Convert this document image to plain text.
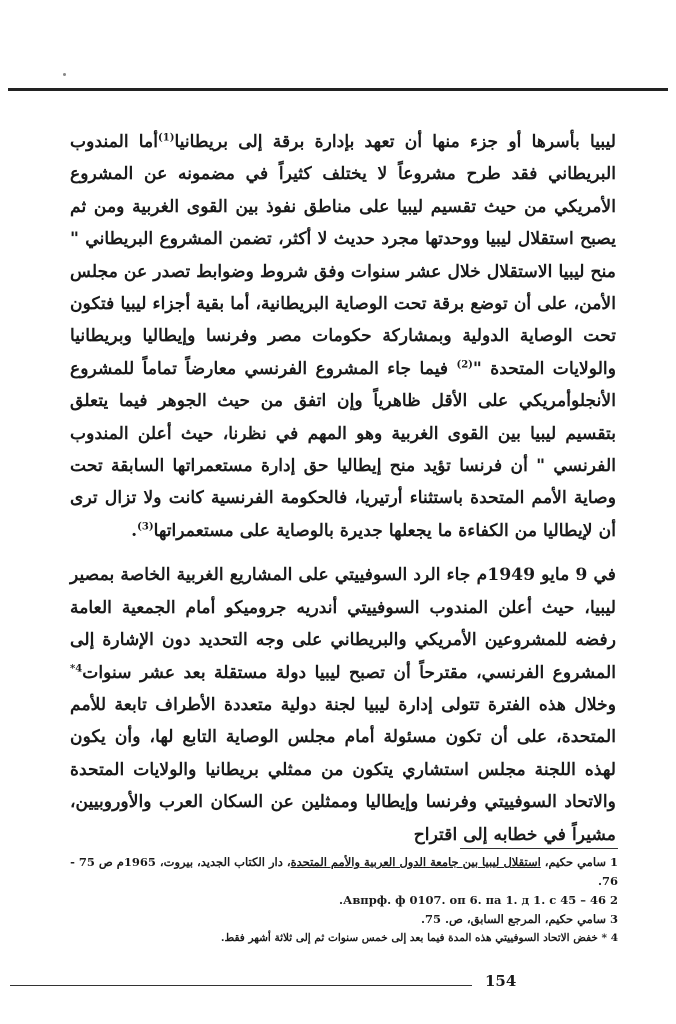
ليبيا بأسرها أو جزء منها أن تعهد بإدارة برقة إلى بريطانيا$^{(1)}$أما المندوب البريطاني فقد طرح مشروعاً لا يختلف كثيراً في مضمونه عن المشروع الأمريكي من حيث تقسيم ليبيا على مناطق نفوذ بين القوى الغربية ومن ثم يصبح استقلال ليبيا ووحدتها مجرد حديث لا أكثر، تضمن المشروع البريطاني " منح ليبيا الاستقلال خلال عشر سنوات وفق شروط وضوابط تصدر عن مجلس الأمن، على أن توضع برقة تحت الوصاية البريطانية، أما بقية أجزاء ليبيا فتكون تحت الوصاية الدولية وبمشاركة حكومات مصر وفرنسا وإيطاليا وبريطانيا والولايات المتحدة "$^{(2)}$ فيما جاء المشروع الفرنسي معارضاً تماماً للمشروع الأنجلوأمريكي على الأقل ظاهرياً وإن اتفق من حيث الجوهر فيما يتعلق بتقسيم ليبيا بين القوى الغربية وهو المهم في نظرنا، حيث أعلن المندوب الفرنسي " أن فرنسا تؤيد منح إيطاليا حق إدارة مستعمراتها السابقة تحت وصاية الأمم المتحدة باستثناء أرتيريا، فالحكومة الفرنسية كانت ولا تزال ترى أن لإيطاليا من الكفاءة ما يجعلها جديرة بالوصاية على مستعمراتها$^{(3)}$.

في 9 مايو 1949م جاء الرد السوفييتي على المشاريع الغربية الخاصة بمصير ليبيا، حيث أعلن المندوب السوفييتي أندريه جروميكو أمام الجمعية العامة رفضه للمشروعين الأمريكي والبريطاني على وجه التحديد دون الإشارة إلى المشروع الفرنسي، مقترحاً أن تصبح ليبيا دولة مستقلة بعد عشر سنوات$^{4*}$ وخلال هذه الفترة تتولى إدارة ليبيا لجنة دولية متعددة الأطراف تابعة للأمم المتحدة، على أن تكون مسئولة أمام مجلس الوصاية التابع لها، وأن يكون لهذه اللجنة مجلس استشاري يتكون من ممثلي بريطانيا والولايات المتحدة والاتحاد السوفييتي وفرنسا وإيطاليا وممثلين عن السكان العرب والأوروبيين، مشيراً في خطابه إلى اقتراح

1 سامي حكيم، استقلال ليبيا بين جامعة الدول العربية والأمم المتحدة، دار الكتاب الجديد، بيروت، 1965م ص 75 - 76.
2 Авпрф. ф 0107. оп 6. па 1. д 1. с 45 – 46.
3 سامي حكيم، المرجع السابق، ص. 75.
4 * خفض الاتحاد السوفييتي هذه المدة فيما بعد إلى خمس سنوات ثم إلى ثلاثة أشهر فقط.
154
